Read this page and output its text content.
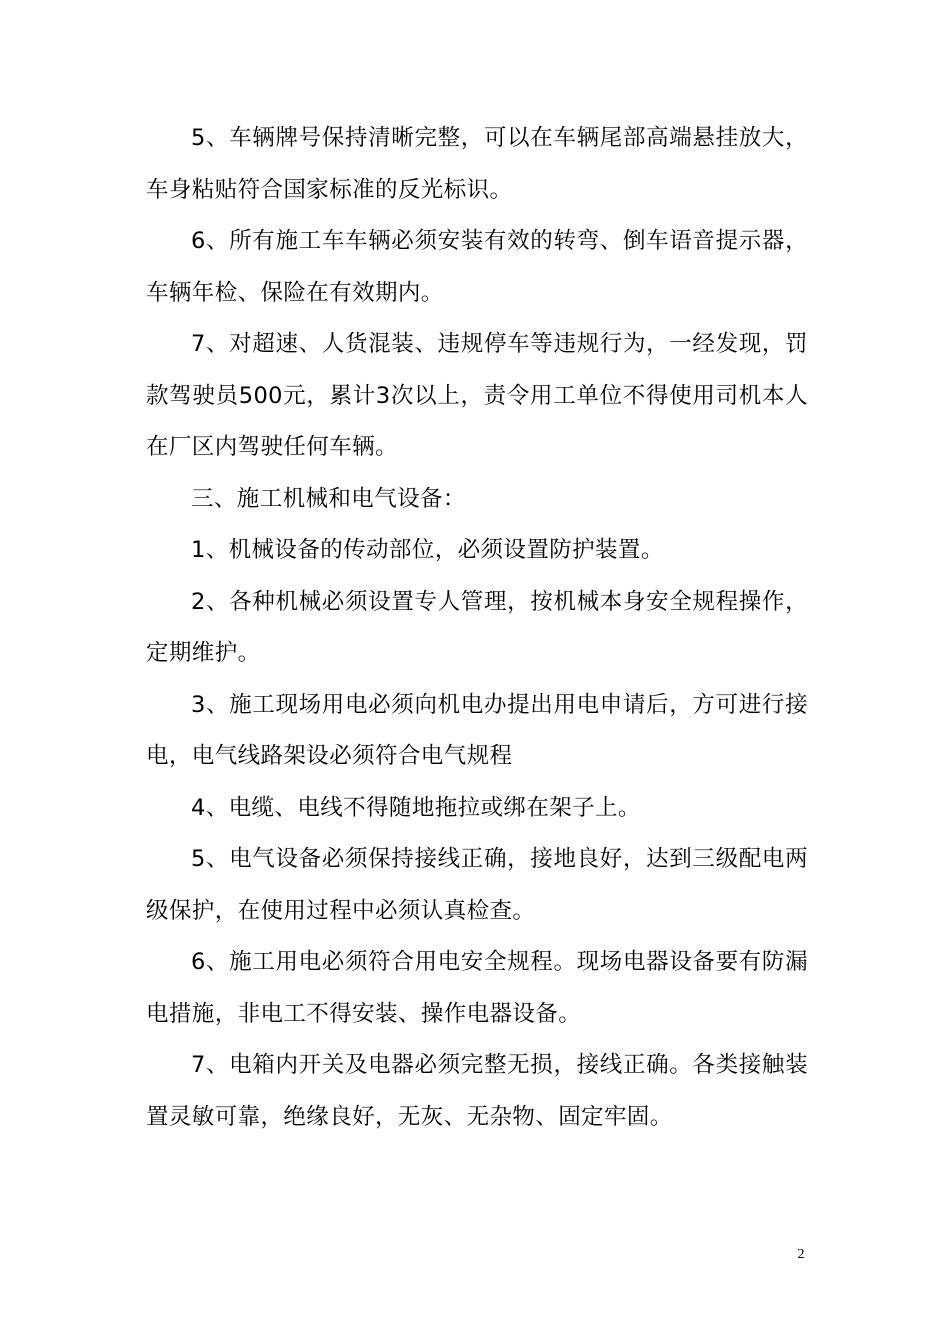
5、车辆牌号保持清晰完整，可以在车辆尾部高端悬挂放大，车身粘贴符合国家标准的反光标识。

6、所有施工车车辆必须安装有效的转弯、倒车语音提示器，车辆年检、保险在有效期内。

7、对超速、人货混装、违规停车等违规行为，一经发现，罚款驾驶员500元，累计3次以上，责令用工单位不得使用司机本人在厂区内驾驶任何车辆。

三、施工机械和电气设备：

1、机械设备的传动部位，必须设置防护装置。

2、各种机械必须设置专人管理，按机械本身安全规程操作，定期维护。

3、施工现场用电必须向机电办提出用电申请后，方可进行接电，电气线路架设必须符合电气规程

4、电缆、电线不得随地拖拉或绑在架子上。

5、电气设备必须保持接线正确，接地良好，达到三级配电两级保护，在使用过程中必须认真检查。

6、施工用电必须符合用电安全规程。现场电器设备要有防漏电措施，非电工不得安装、操作电器设备。

7、电箱内开关及电器必须完整无损，接线正确。各类接触装置灵敏可靠，绝缘良好，无灰、无杂物、固定牢固。

2
